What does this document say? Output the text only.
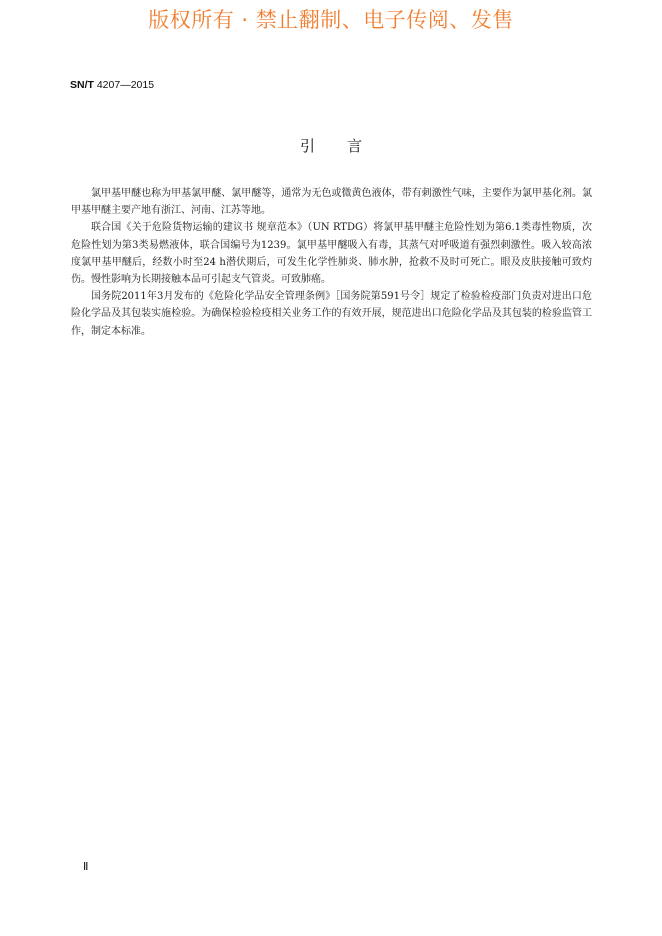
版权所有 · 禁止翻制、电子传阅、发售
SN/T 4207—2015
引 言

氯甲基甲醚也称为甲基氯甲醚、氯甲醚等，通常为无色或微黄色液体，带有刺激性气味，主要作为氯甲基化剂。氯甲基甲醚主要产地有浙江、河南、江苏等地。

联合国《关于危险货物运输的建议书 规章范本》（UN RTDG）将氯甲基甲醚主危险性划为第6.1类毒性物质，次危险性划为第3类易燃液体，联合国编号为1239。氯甲基甲醚吸入有毒，其蒸气对呼吸道有强烈刺激性。吸入较高浓度氯甲基甲醚后，经数小时至24 h潜伏期后，可发生化学性肺炎、肺水肿，抢救不及时可死亡。眼及皮肤接触可致灼伤。慢性影响为长期接触本品可引起支气管炎。可致肺癌。

国务院2011年3月发布的《危险化学品安全管理条例》［国务院第591号令］规定了检验检疫部门负责对进出口危险化学品及其包装实施检验。为确保检验检疫相关业务工作的有效开展，规范进出口危险化学品及其包装的检验监管工作，制定本标准。

Ⅱ
